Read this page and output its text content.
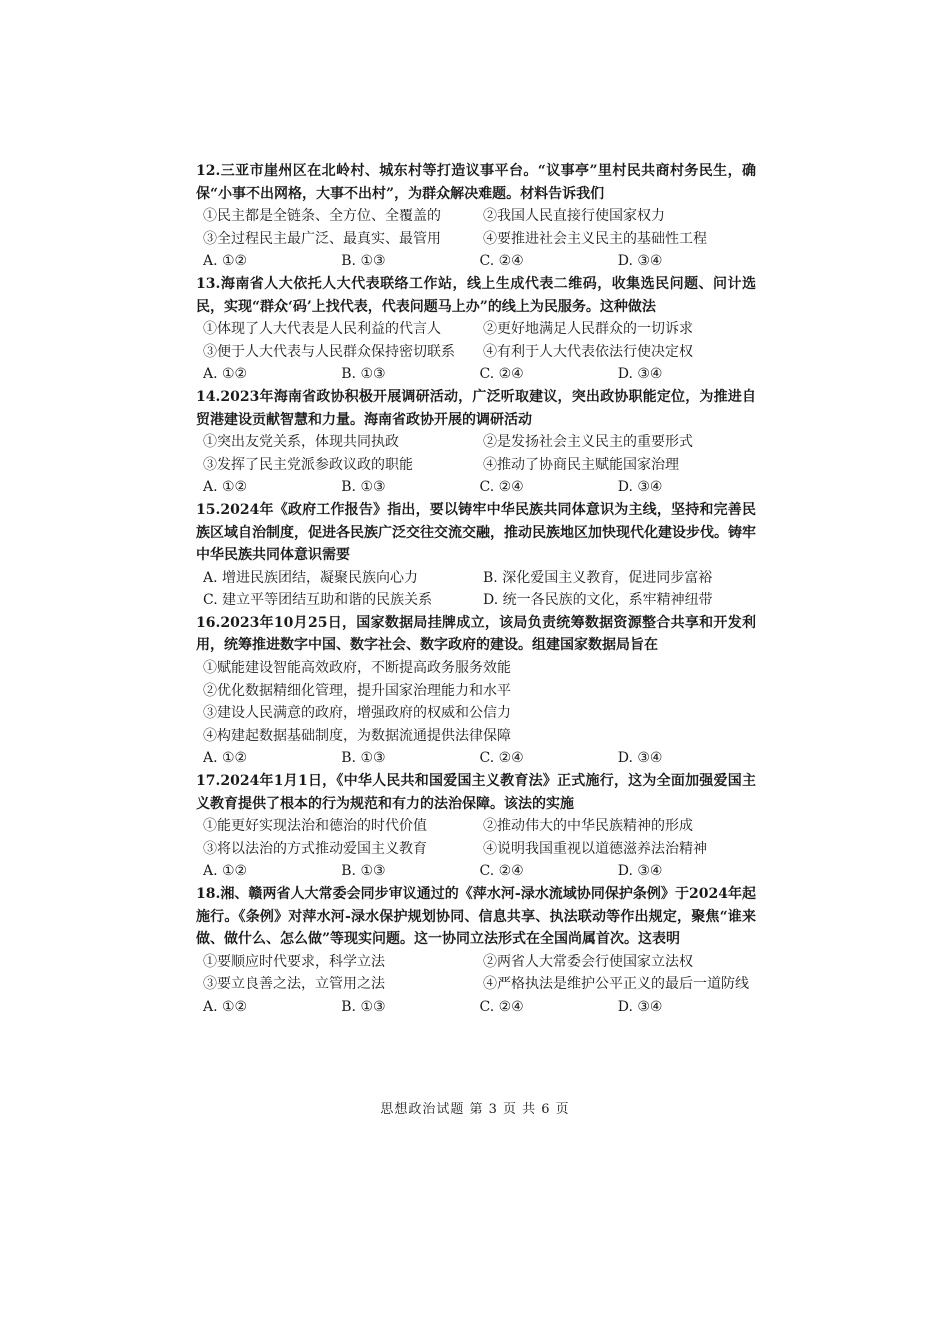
12.三亚市崖州区在北岭村、城东村等打造议事平台。“议事亭”里村民共商村务民生，确保“小事不出网格，大事不出村”，为群众解决难题。材料告诉我们
①民主都是全链条、全方位、全覆盖的	②我国人民直接行使国家权力
③全过程民主最广泛、最真实、最管用	④要推进社会主义民主的基础性工程
A. ①②	B. ①③	C. ②④	D. ③④
13.海南省人大依托人大代表联络工作站，线上生成代表二维码，收集选民问题、问计选民，实现“群众‘码’上找代表，代表问题马上办”的线上为民服务。这种做法
①体现了人大代表是人民利益的代言人	②更好地满足人民群众的一切诉求
③便于人大代表与人民群众保持密切联系	④有利于人大代表依法行使决定权
A. ①②	B. ①③	C. ②④	D. ③④
14.2023年海南省政协积极开展调研活动，广泛听取建议，突出政协职能定位，为推进自贸港建设贡献智慧和力量。海南省政协开展的调研活动
①突出友党关系，体现共同执政	②是发扬社会主义民主的重要形式
③发挥了民主党派参政议政的职能	④推动了协商民主赋能国家治理
A. ①②	B. ①③	C. ②④	D. ③④
15.2024年《政府工作报告》指出，要以铸牢中华民族共同体意识为主线，坚持和完善民族区域自治制度，促进各民族广泛交往交流交融，推动民族地区加快现代化建设步伐。铸牢中华民族共同体意识需要
A. 增进民族团结，凝聚民族向心力	B. 深化爱国主义教育，促进同步富裕
C. 建立平等团结互助和谐的民族关系	D. 统一各民族的文化，系牢精神纽带
16.2023年10月25日，国家数据局挂牌成立，该局负责统筹数据资源整合共享和开发利用，统筹推进数字中国、数字社会、数字政府的建设。组建国家数据局旨在
①赋能建设智能高效政府，不断提高政务服务效能
②优化数据精细化管理，提升国家治理能力和水平
③建设人民满意的政府，增强政府的权威和公信力
④构建起数据基础制度，为数据流通提供法律保障
A. ①②	B. ①③	C. ②④	D. ③④
17.2024年1月1日，《中华人民共和国爱国主义教育法》正式施行，这为全面加强爱国主义教育提供了根本的行为规范和有力的法治保障。该法的实施
①能更好实现法治和德治的时代价值	②推动伟大的中华民族精神的形成
③将以法治的方式推动爱国主义教育	④说明我国重视以道德滋养法治精神
A. ①②	B. ①③	C. ②④	D. ③④
18.湘、赣两省人大常委会同步审议通过的《萍水河-渌水流域协同保护条例》于2024年起施行。《条例》对萍水河-渌水保护规划协同、信息共享、执法联动等作出规定，聚焦“谁来做、做什么、怎么做”等现实问题。这一协同立法形式在全国尚属首次。这表明
①要顺应时代要求，科学立法	②两省人大常委会行使国家立法权
③要立良善之法，立管用之法	④严格执法是维护公平正义的最后一道防线
A. ①②	B. ①③	C. ②④	D. ③④
思想政治试题 第 3 页 共 6 页
